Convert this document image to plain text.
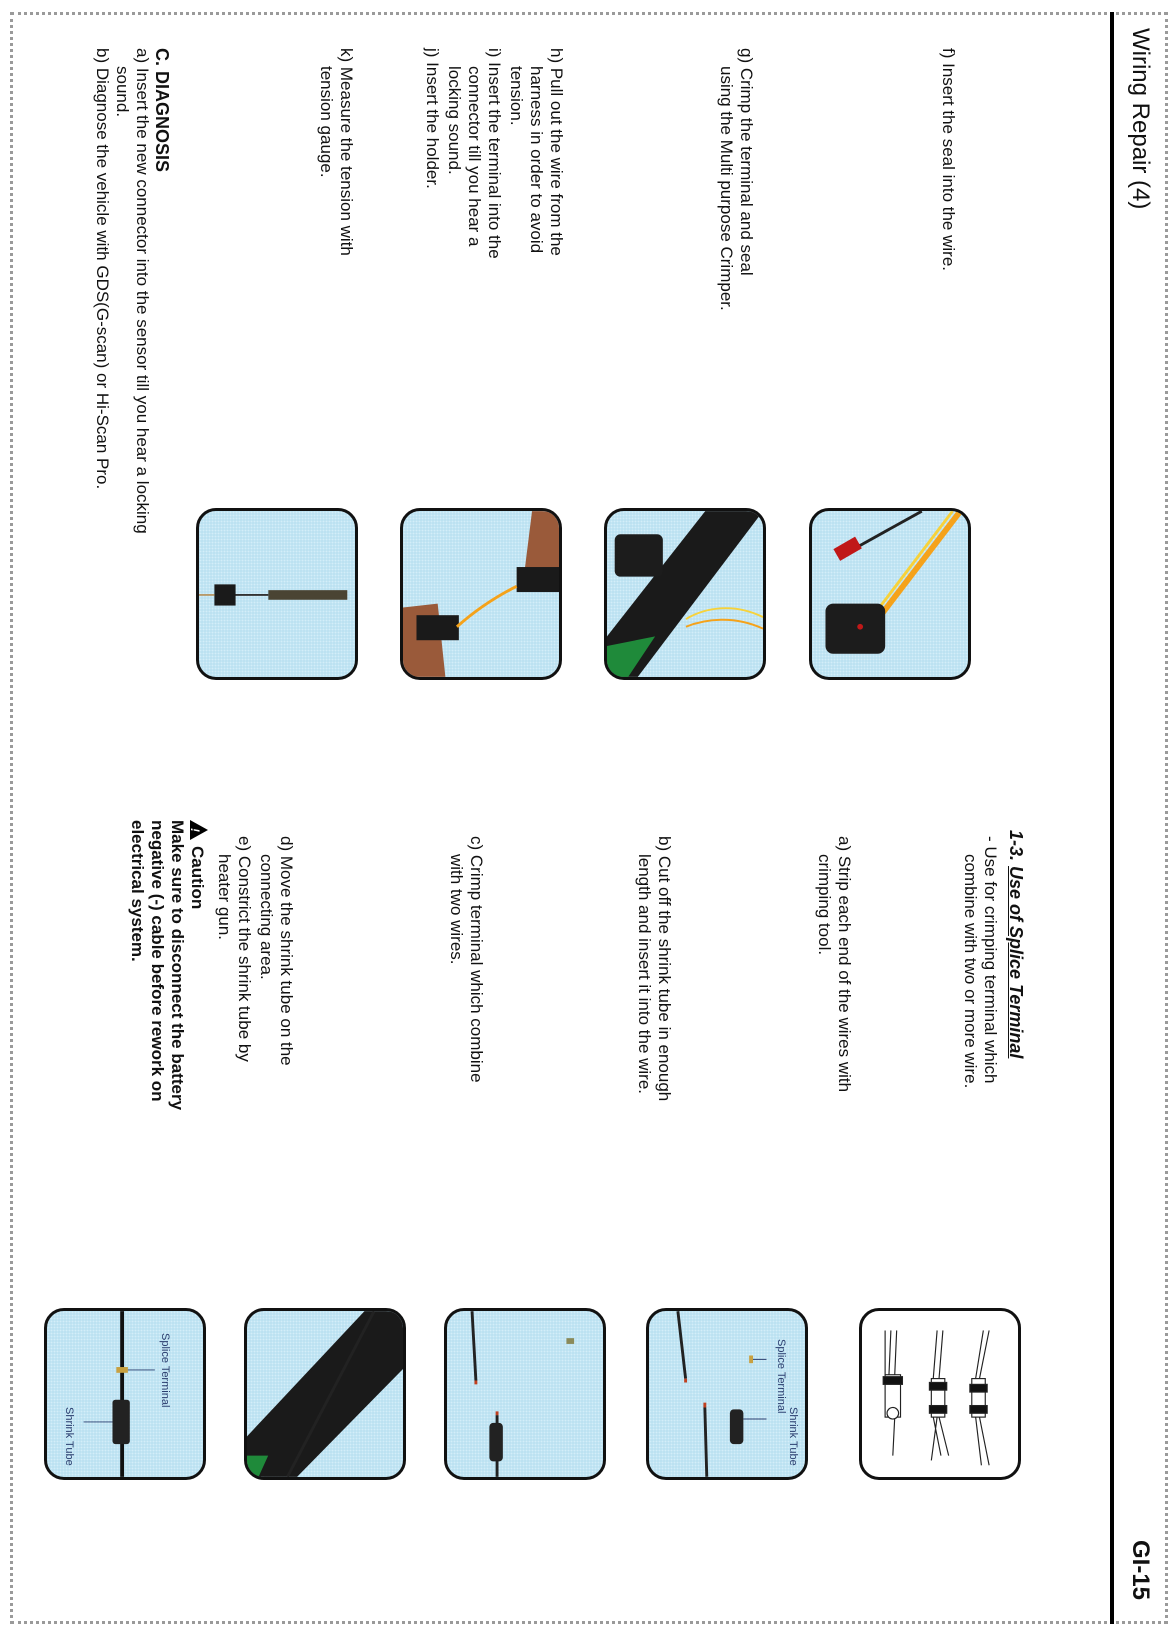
Wiring Repair (4)
GI-15
f) Insert the seal into the wire.
g) Crimp the terminal and seal
using the Multi purpose Crimper.
h) Pull out the wire from the
harness in order to avoid
tension.
i) Insert the terminal into the
connector till you hear a
locking sound.
j) Insert the holder.
k) Measure the tension with
tension gauge.
C. DIAGNOSIS
a) Insert the new connector into the sensor till you hear a locking
sound.
b) Diagnose the vehicle with GDS(G-scan) or Hi-Scan Pro.
1-3. Use of Splice Terminal
- Use for crimping terminal which
combine with two or more wire.
a) Strip each end of the wires with
crimping tool.
b) Cut off the shrink tube in enough
length and insert it into the wire.
c) Crimp terminal which combine
with two wires.
d) Move the shrink tube on the
connecting area.
e) Constrict the shrink tube by
heater gun.
!Caution
Make sure to disconnect the battery
negative (-) cable before rework on
electrical system.
Splice Terminal
Shrink Tube
Splice Terminal
Shrink Tube
